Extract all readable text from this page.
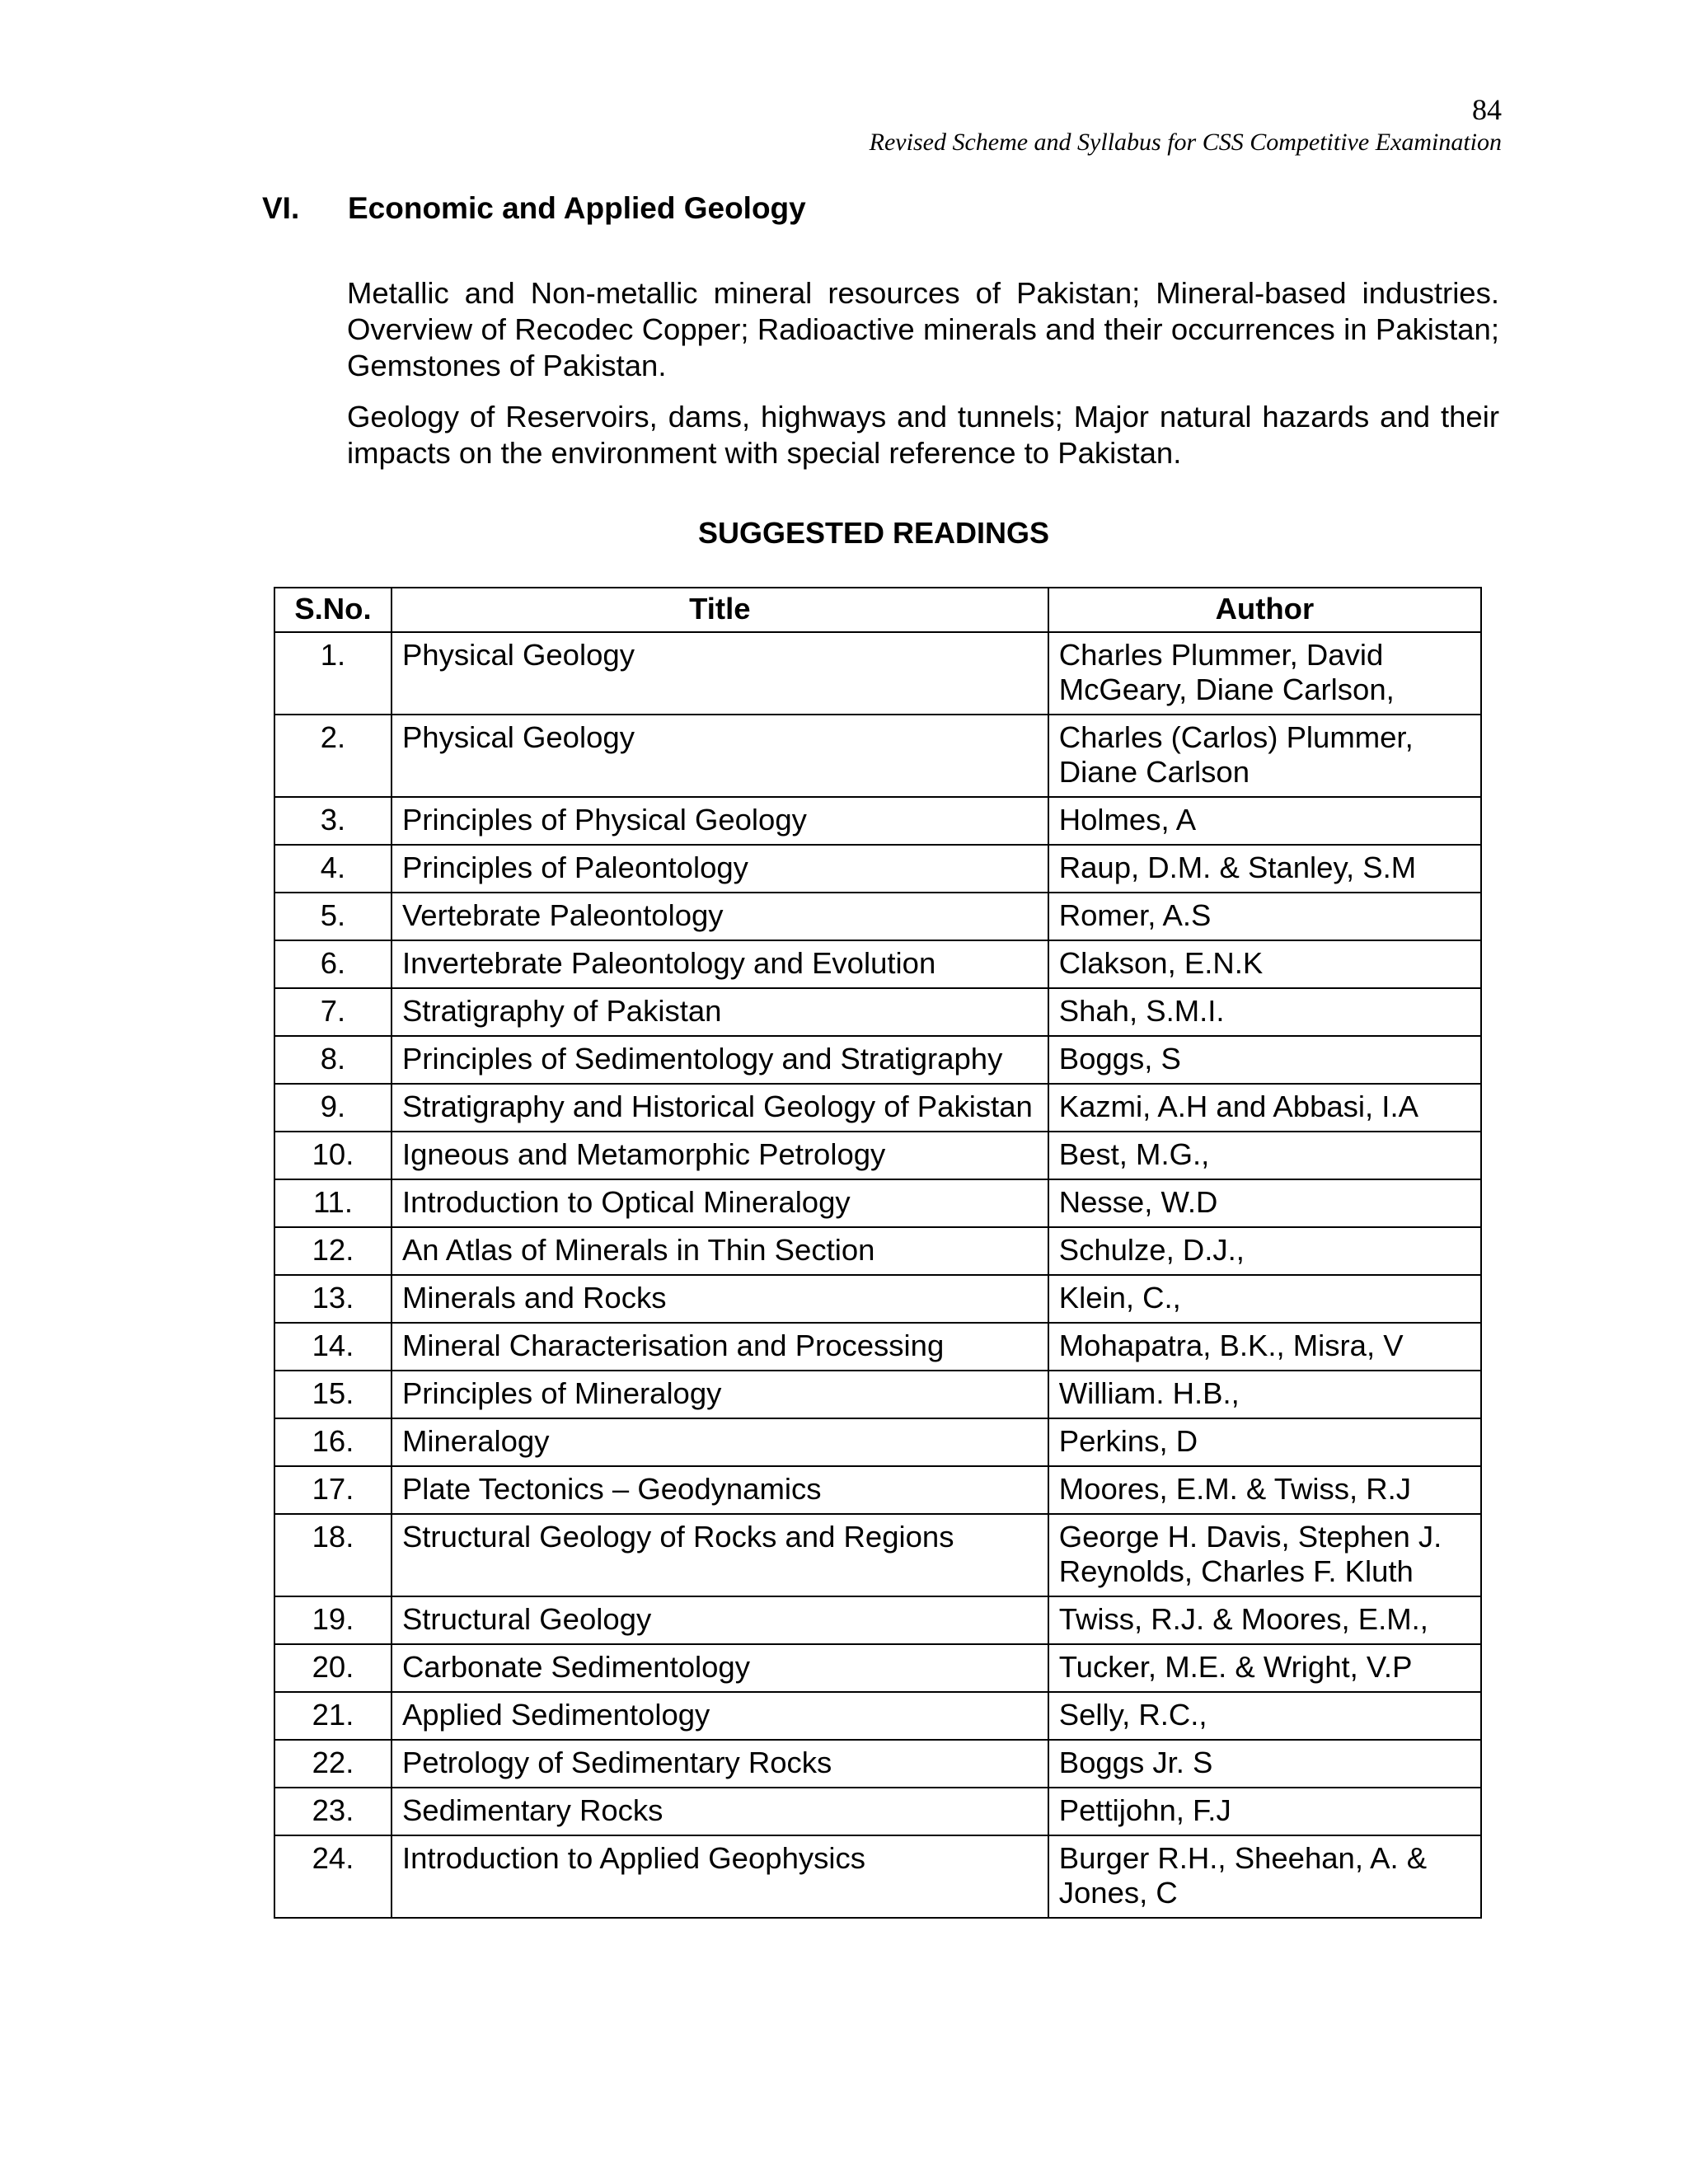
84
Revised Scheme and Syllabus for CSS Competitive Examination
VI. Economic and Applied Geology

Metallic and Non-metallic mineral resources of Pakistan; Mineral-based industries. Overview of Recodec Copper; Radioactive minerals and their occurrences in Pakistan; Gemstones of Pakistan.

Geology of Reservoirs, dams, highways and tunnels; Major natural hazards and their impacts on the environment with special reference to Pakistan.

SUGGESTED READINGS
S.No.	Title	Author
1.	Physical Geology	Charles Plummer, David McGeary, Diane Carlson,
2.	Physical Geology	Charles (Carlos) Plummer, Diane Carlson
3.	Principles of Physical Geology	Holmes, A
4.	Principles of Paleontology	Raup, D.M. & Stanley, S.M
5.	Vertebrate Paleontology	Romer, A.S
6.	Invertebrate Paleontology and Evolution	Clakson, E.N.K
7.	Stratigraphy of Pakistan	Shah, S.M.I.
8.	Principles of Sedimentology and Stratigraphy	Boggs, S
9.	Stratigraphy and Historical Geology of Pakistan	Kazmi, A.H and Abbasi, I.A
10.	Igneous and Metamorphic Petrology	Best, M.G.,
11.	Introduction to Optical Mineralogy	Nesse, W.D
12.	An Atlas of Minerals in Thin Section	Schulze, D.J.,
13.	Minerals and Rocks	Klein, C.,
14.	Mineral Characterisation and Processing	Mohapatra, B.K., Misra, V
15.	Principles of Mineralogy	William. H.B.,
16.	Mineralogy	Perkins, D
17.	Plate Tectonics – Geodynamics	Moores, E.M. & Twiss, R.J
18.	Structural Geology of Rocks and Regions	George H. Davis, Stephen J. Reynolds, Charles F. Kluth
19.	Structural Geology	Twiss, R.J. & Moores, E.M.,
20.	Carbonate Sedimentology	Tucker, M.E. & Wright, V.P
21.	Applied Sedimentology	Selly, R.C.,
22.	Petrology of Sedimentary Rocks	Boggs Jr. S
23.	Sedimentary Rocks	Pettijohn, F.J
24.	Introduction to Applied Geophysics	Burger R.H., Sheehan, A. & Jones, C
